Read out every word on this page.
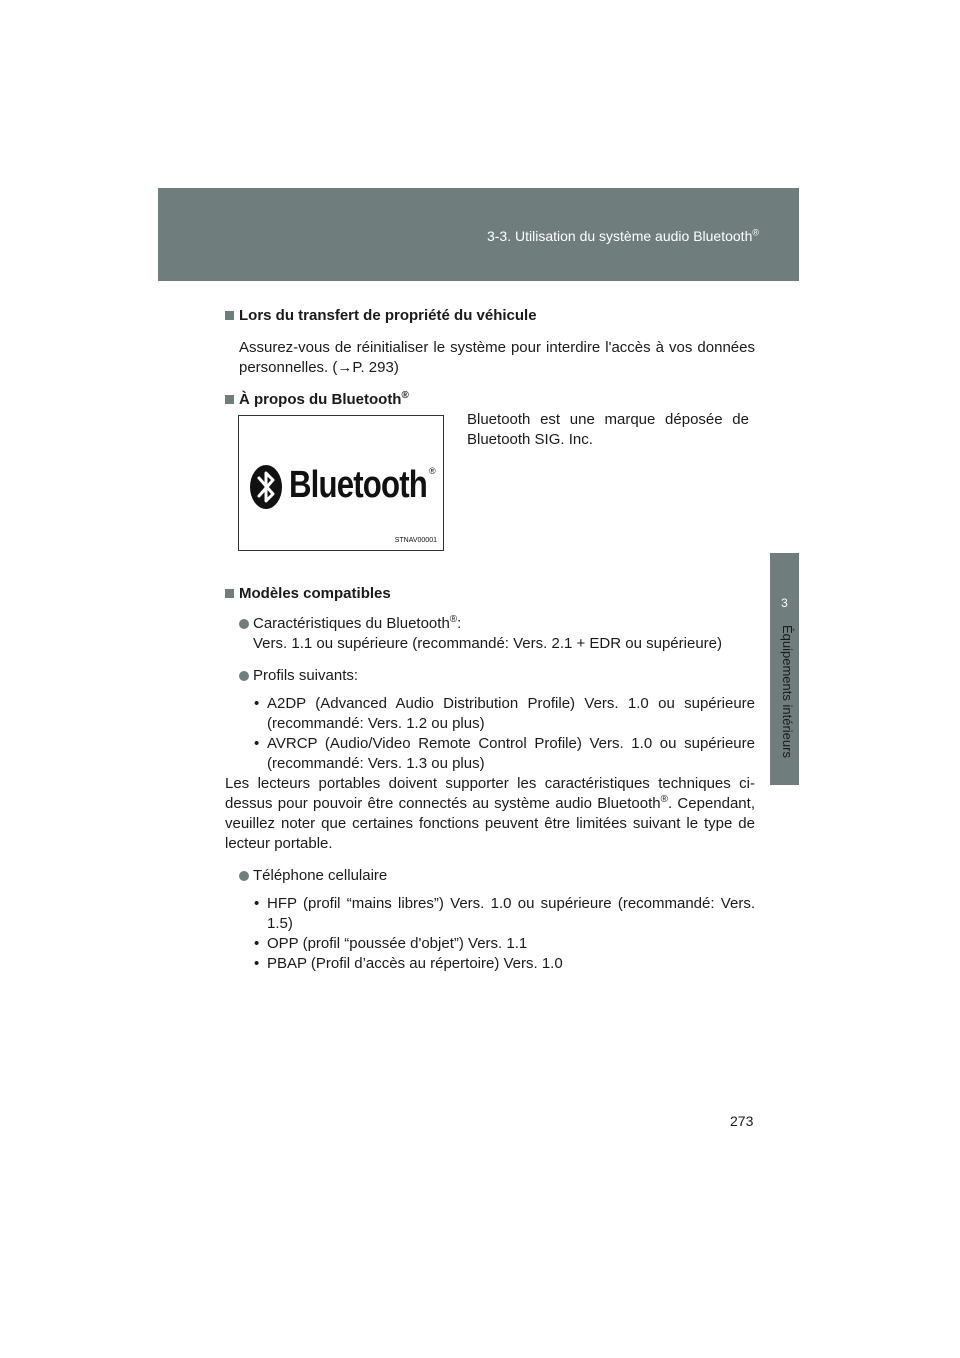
3-3. Utilisation du système audio Bluetooth®
3
Équipements intérieurs
Lors du transfert de propriété du véhicule
Assurez-vous de réinitialiser le système pour interdire l'accès à vos données personnelles. (→P. 293)
À propos du Bluetooth®
Modèles compatibles
Caractéristiques du Bluetooth®:
Vers. 1.1 ou supérieure (recommandé: Vers. 2.1 + EDR ou supérieure)
Profils suivants:
• A2DP (Advanced Audio Distribution Profile) Vers. 1.0 ou supérieure (recommandé: Vers. 1.2 ou plus)
• AVRCP (Audio/Video Remote Control Profile) Vers. 1.0 ou supérieure (recommandé: Vers. 1.3 ou plus)
Les lecteurs portables doivent supporter les caractéristiques techniques ci-dessus pour pouvoir être connectés au système audio Bluetooth®. Cependant, veuillez noter que certaines fonctions peuvent être limitées suivant le type de lecteur portable.
Téléphone cellulaire
• HFP (profil “mains libres”) Vers. 1.0 ou supérieure (recommandé: Vers. 1.5)
• OPP (profil “poussée d'objet”) Vers. 1.1
• PBAP (Profil d’accès au répertoire) Vers. 1.0
Bluetooth ®
STNAV00001
Bluetooth est une marque déposée de Bluetooth SIG. Inc.
273
